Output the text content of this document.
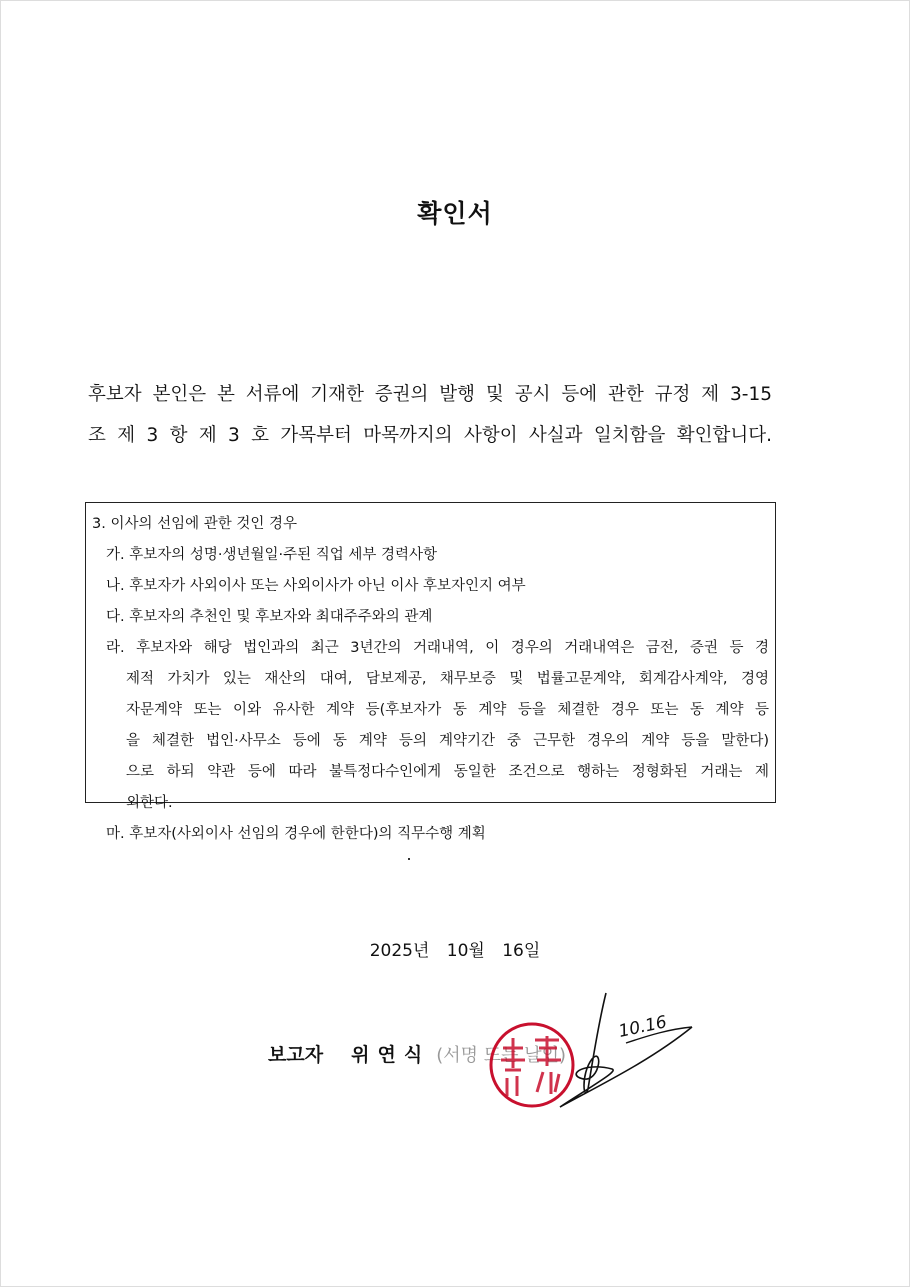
확인서
후보자 본인은 본 서류에 기재한 증권의 발행 및 공시 등에 관한 규정 제 3-15
조 제 3 항 제 3 호 가목부터 마목까지의 사항이 사실과 일치함을 확인합니다.
3. 이사의 선임에 관한 것인 경우
가. 후보자의 성명·생년월일·주된 직업 세부 경력사항
나. 후보자가 사외이사 또는 사외이사가 아닌 이사 후보자인지 여부
다. 후보자의 추천인 및 후보자와 최대주주와의 관계
라. 후보자와 해당 법인과의 최근 3년간의 거래내역, 이 경우의 거래내역은 금전, 증권 등 경
제적 가치가 있는 재산의 대여, 담보제공, 채무보증 및 법률고문계약, 회계감사계약, 경영
자문계약 또는 이와 유사한 계약 등(후보자가 동 계약 등을 체결한 경우 또는 동 계약 등
을 체결한 법인·사무소 등에 동 계약 등의 계약기간 중 근무한 경우의 계약 등을 말한다)
으로 하되 약관 등에 따라 불특정다수인에게 동일한 조건으로 행하는 정형화된 거래는 제
외한다.
마. 후보자(사외이사 선임의 경우에 한한다)의 직무수행 계획
2025년 10월 16일
보고자 위연식 (서명 또는 날인)
10.16
